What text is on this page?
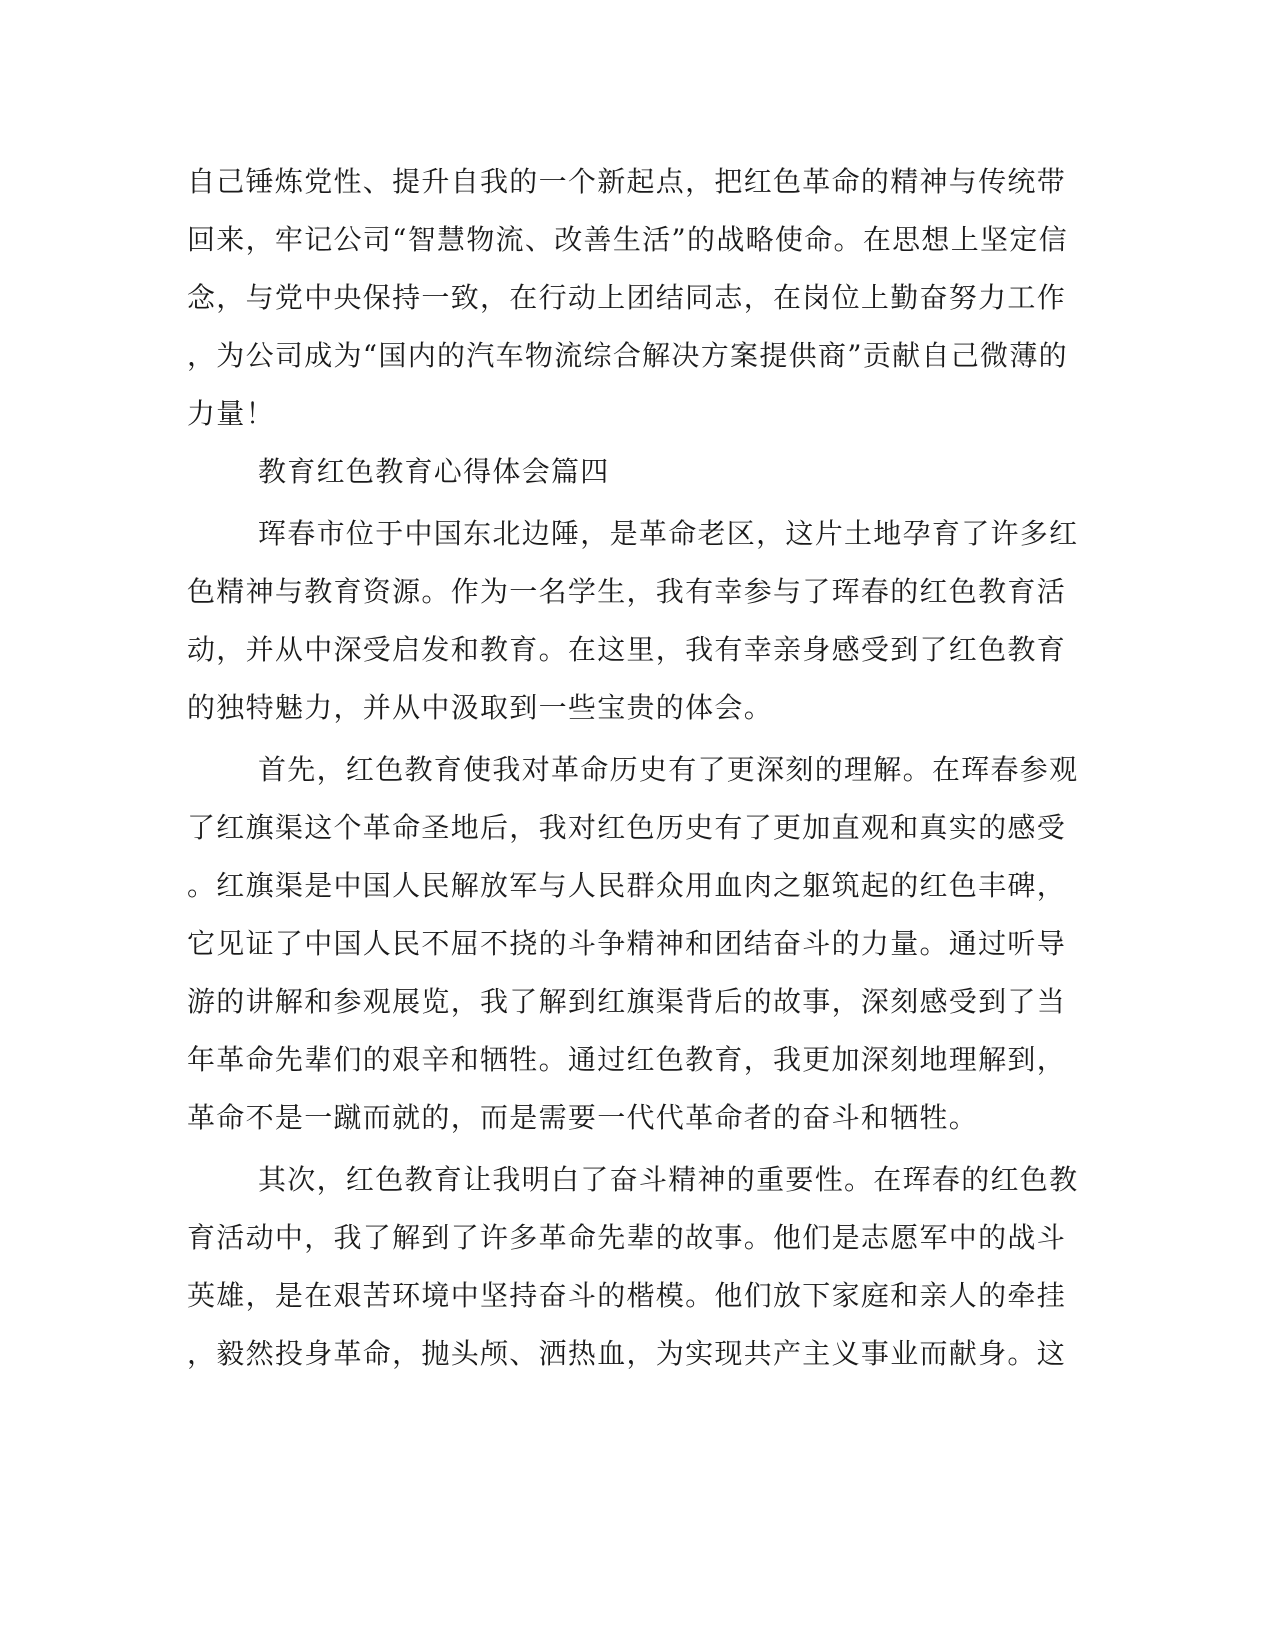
自己锤炼党性、提升自我的一个新起点，把红色革命的精神与传统带
回来，牢记公司“智慧物流、改善生活”的战略使命。在思想上坚定信
念，与党中央保持一致，在行动上团结同志，在岗位上勤奋努力工作
，为公司成为“国内的汽车物流综合解决方案提供商”贡献自己微薄的
力量！
教育红色教育心得体会篇四
珲春市位于中国东北边陲，是革命老区，这片土地孕育了许多红
色精神与教育资源。作为一名学生，我有幸参与了珲春的红色教育活
动，并从中深受启发和教育。在这里，我有幸亲身感受到了红色教育
的独特魅力，并从中汲取到一些宝贵的体会。
首先，红色教育使我对革命历史有了更深刻的理解。在珲春参观
了红旗渠这个革命圣地后，我对红色历史有了更加直观和真实的感受
。红旗渠是中国人民解放军与人民群众用血肉之躯筑起的红色丰碑，
它见证了中国人民不屈不挠的斗争精神和团结奋斗的力量。通过听导
游的讲解和参观展览，我了解到红旗渠背后的故事，深刻感受到了当
年革命先辈们的艰辛和牺牲。通过红色教育，我更加深刻地理解到，
革命不是一蹴而就的，而是需要一代代革命者的奋斗和牺牲。
其次，红色教育让我明白了奋斗精神的重要性。在珲春的红色教
育活动中，我了解到了许多革命先辈的故事。他们是志愿军中的战斗
英雄，是在艰苦环境中坚持奋斗的楷模。他们放下家庭和亲人的牵挂
，毅然投身革命，抛头颅、洒热血，为实现共产主义事业而献身。这
